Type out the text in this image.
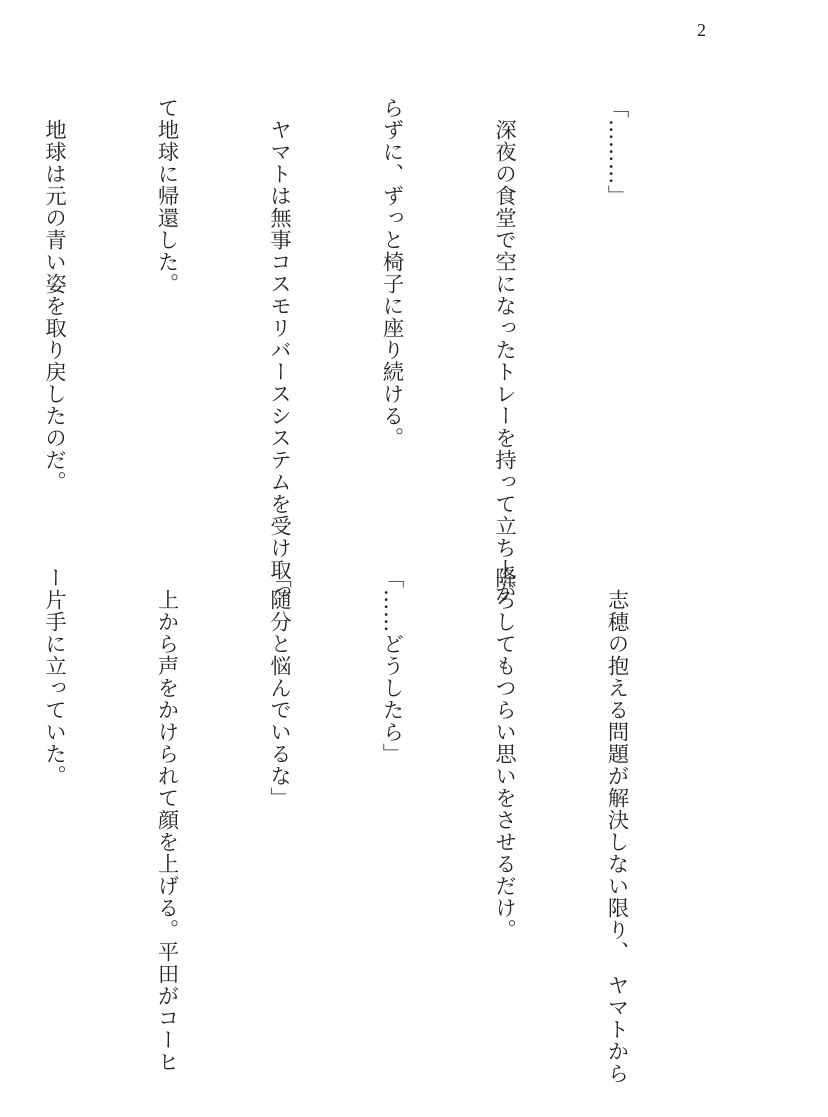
2

「………」

　深夜の食堂で空になったトレーを持って立ち上が

らずに、ずっと椅子に座り続ける。

　ヤマトは無事コスモリバースシステムを受け取っ

て地球に帰還した。

　地球は元の青い姿を取り戻したのだ。

　志穂の抱える問題が解決しない限り、　ヤマトから

降ろしてもつらい思いをさせるだけ。

「……どうしたら」

「随分と悩んでいるな」

　上から声をかけられて顔を上げる。平田がコーヒ

ー片手に立っていた。
